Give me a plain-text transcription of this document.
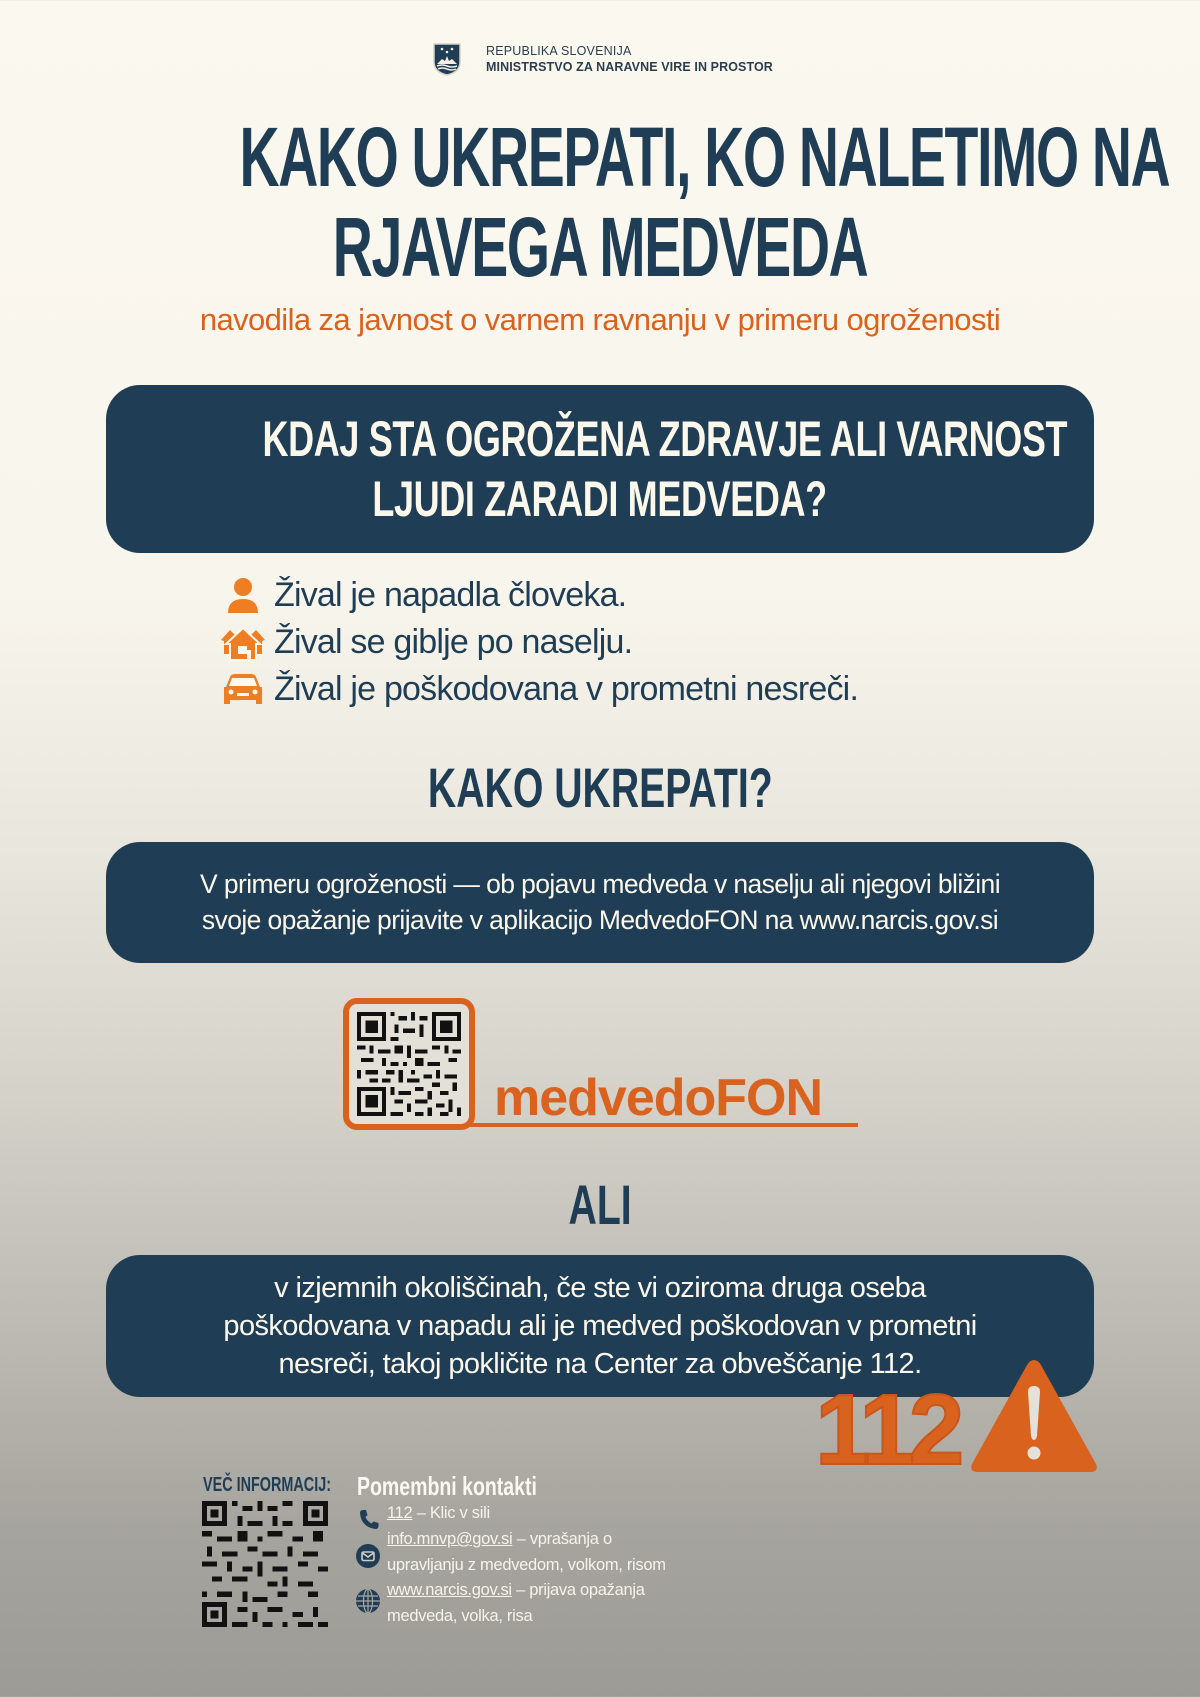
REPUBLIKA SLOVENIJA
MINISTRSTVO ZA NARAVNE VIRE IN PROSTOR
KAKO UKREPATI, KO NALETIMO NA
RJAVEGA MEDVEDA
navodila za javnost o varnem ravnanju v primeru ogroženosti
KDAJ STA OGROŽENA ZDRAVJE ALI VARNOST
LJUDI ZARADI MEDVEDA?
Žival je napadla človeka.
Žival se giblje po naselju.
Žival je poškodovana v prometni nesreči.
KAKO UKREPATI?
V primeru ogroženosti — ob pojavu medveda v naselju ali njegovi bližini
svoje opažanje prijavite v aplikacijo MedvedoFON na www.narcis.gov.si
medvedoFON
ALI
v izjemnih okoliščinah, če ste vi oziroma druga oseba
poškodovana v napadu ali je medved poškodovan v prometni
nesreči, takoj pokličite na Center za obveščanje 112.
112
VEČ INFORMACIJ: Pomembni kontakti
112 – Klic v sili
info.mnvp@gov.si – vprašanja o
upravljanju z medvedom, volkom, risom
www.narcis.gov.si – prijava opažanja
medveda, volka, risa
